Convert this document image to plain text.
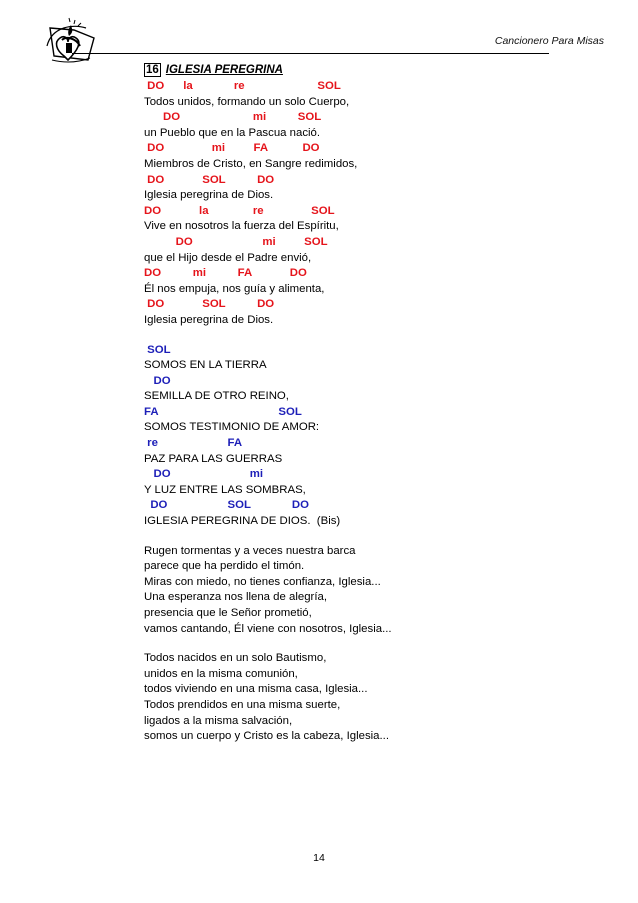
Cancionero Para Misas
16 IGLESIA PEREGRINA
DO      la             re                       SOL
Todos unidos, formando un solo Cuerpo,
DO                       mi          SOL
un Pueblo que en la Pascua nació.
DO               mi         FA           DO
Miembros de Cristo, en Sangre redimidos,
DO            SOL          DO
Iglesia peregrina de Dios.
DO            la              re               SOL
Vive en nosotros la fuerza del Espíritu,
DO                      mi         SOL
que el Hijo desde el Padre envió,
DO          mi          FA            DO
Él nos empuja, nos guía y alimenta,
DO            SOL          DO
Iglesia peregrina de Dios.
SOL
SOMOS EN LA TIERRA
DO
SEMILLA DE OTRO REINO,
FA                                      SOL
SOMOS TESTIMONIO DE AMOR:
re                      FA
PAZ PARA LAS GUERRAS
DO                         mi
Y LUZ ENTRE LAS SOMBRAS,
DO                   SOL             DO
IGLESIA PEREGRINA DE DIOS.  (Bis)
Rugen tormentas y a veces nuestra barca
parece que ha perdido el timón.
Miras con miedo, no tienes confianza, Iglesia...
Una esperanza nos llena de alegría,
presencia que le Señor prometió,
vamos cantando, Él viene con nosotros, Iglesia...
Todos nacidos en un solo Bautismo,
unidos en la misma comunión,
todos viviendo en una misma casa, Iglesia...
Todos prendidos en una misma suerte,
ligados a la misma salvación,
somos un cuerpo y Cristo es la cabeza, Iglesia...
14
